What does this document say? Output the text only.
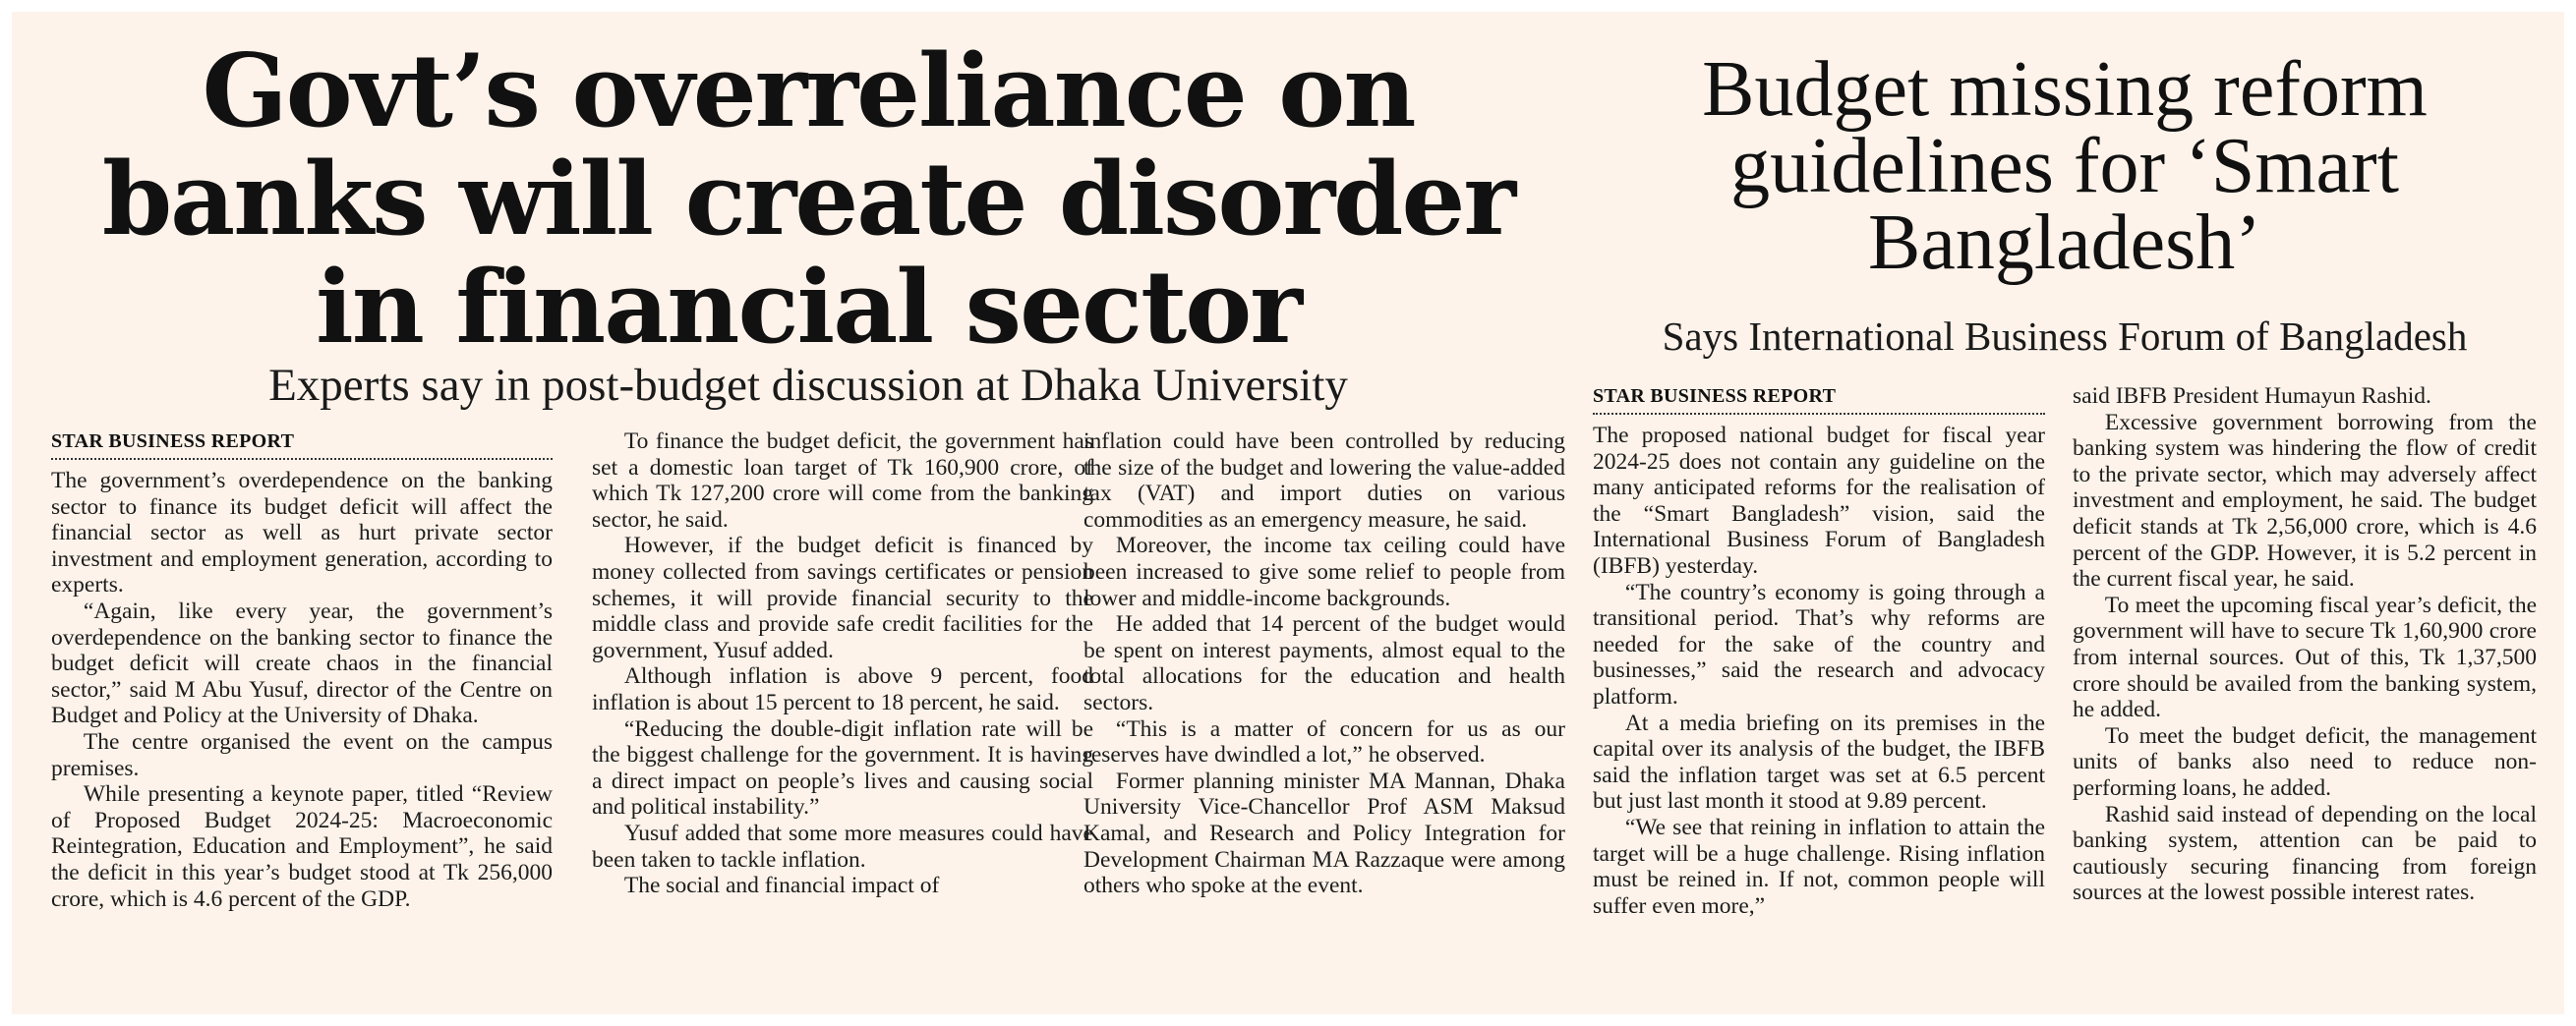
Govt’s overreliance on
banks will create disorder
in financial sector
Experts say in post-budget discussion at Dhaka University
STAR BUSINESS REPORT

The government’s overdependence on the banking sector to finance its budget deficit will affect the financial sector as well as hurt private sector investment and employment generation, according to experts.

“Again, like every year, the government’s overdependence on the banking sector to finance the budget deficit will create chaos in the financial sector,” said M Abu Yusuf, director of the Centre on Budget and Policy at the University of Dhaka.

The centre organised the event on the campus premises.

While presenting a keynote paper, titled “Review of Proposed Budget 2024-25: Macroeconomic Reintegration, Education and Employment”, he said the deficit in this year’s budget stood at Tk 256,000 crore, which is 4.6 percent of the GDP.

To finance the budget deficit, the government has set a domestic loan target of Tk 160,900 crore, of which Tk 127,200 crore will come from the banking sector, he said.

However, if the budget deficit is financed by money collected from savings certificates or pension schemes, it will provide financial security to the middle class and provide safe credit facilities for the government, Yusuf added.

Although inflation is above 9 percent, food inflation is about 15 percent to 18 percent, he said.

“Reducing the double-digit inflation rate will be the biggest challenge for the government. It is having a direct impact on people’s lives and causing social and political instability.”

Yusuf added that some more measures could have been taken to tackle inflation.

The social and financial impact of

inflation could have been controlled by reducing the size of the budget and lowering the value-added tax (VAT) and import duties on various commodities as an emergency measure, he said.

Moreover, the income tax ceiling could have been increased to give some relief to people from lower and middle-income backgrounds.

He added that 14 percent of the budget would be spent on interest payments, almost equal to the total allocations for the education and health sectors.

“This is a matter of concern for us as our reserves have dwindled a lot,” he observed.

Former planning minister MA Mannan, Dhaka University Vice-Chancellor Prof ASM Maksud Kamal, and Research and Policy Integration for Development Chairman MA Razzaque were among others who spoke at the event.

Budget missing reform
guidelines for ‘Smart
Bangladesh’
Says International Business Forum of Bangladesh
STAR BUSINESS REPORT

The proposed national budget for fiscal year 2024-25 does not contain any guideline on the many anticipated reforms for the realisation of the “Smart Bangladesh” vision, said the International Business Forum of Bangladesh (IBFB) yesterday.

“The country’s economy is going through a transitional period. That’s why reforms are needed for the sake of the country and businesses,” said the research and advocacy platform.

At a media briefing on its premises in the capital over its analysis of the budget, the IBFB said the inflation target was set at 6.5 percent but just last month it stood at 9.89 percent.

“We see that reining in inflation to attain the target will be a huge challenge. Rising inflation must be reined in. If not, common people will suffer even more,”

said IBFB President Humayun Rashid.

Excessive government borrowing from the banking system was hindering the flow of credit to the private sector, which may adversely affect investment and employment, he said. The budget deficit stands at Tk 2,56,000 crore, which is 4.6 percent of the GDP. However, it is 5.2 percent in the current fiscal year, he said.

To meet the upcoming fiscal year’s deficit, the government will have to secure Tk 1,60,900 crore from internal sources. Out of this, Tk 1,37,500 crore should be availed from the banking system, he added.

To meet the budget deficit, the management units of banks also need to reduce non-performing loans, he added.

Rashid said instead of depending on the local banking system, attention can be paid to cautiously securing financing from foreign sources at the lowest possible interest rates.
